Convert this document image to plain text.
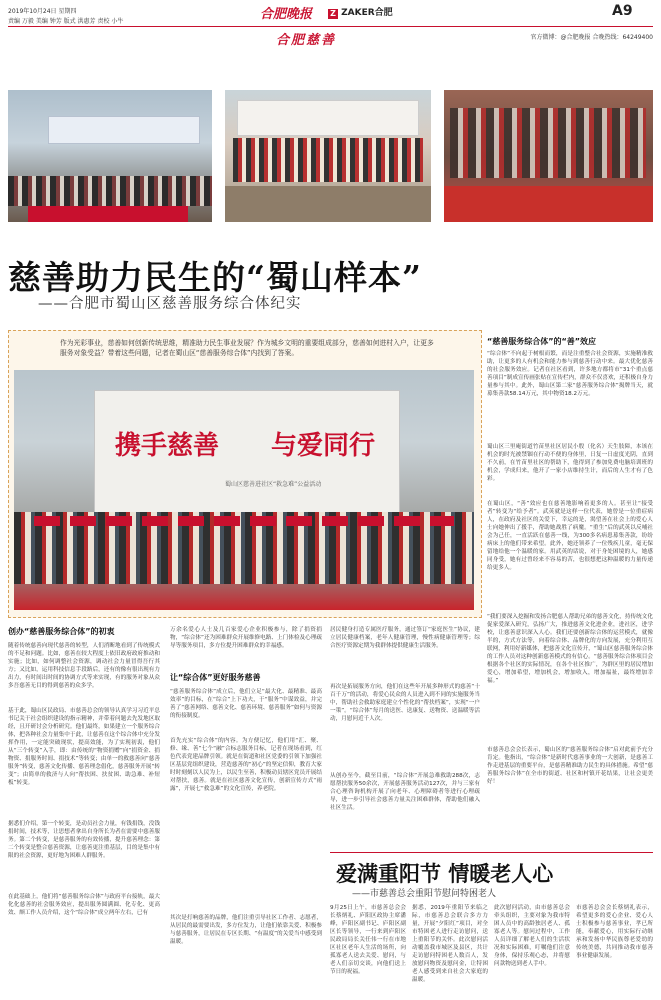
2019年10月24日 星期四
责编 万毅 美编 钟芳 版式 洪惠芳 责校 小牛	合肥晚报 Z ZAKER合肥	A9
合肥慈善	官方微博：@合肥晚报 合晚热线：64249400
慈善助力民生的“蜀山样本”
——合肥市蜀山区慈善服务综合体纪实
作为光彩事业，慈善如何创新传统思维，精准助力民生事业发展？作为城乡文明的重要组成部分，慈善如何进村入户，让更多服务对象受益？带着这些问题，记者在蜀山区“慈善服务综合体”内找到了答案。
携手慈善 与爱同行
蜀山区慈善进社区“救急难”公益活动
“慈善服务综合体”的“善”效应
“综合体”不向起于树根而繁，而是注重整合社会资源，实施精准救助，让更多的人有机会和能力参与到慈善行动中来。最大优化慈善的社会服务效应。记者在社区看到，许多地方都将市“31个重点慈善项目”制成宣传画张贴在宣传栏内，群众不仅喜欢，还积极自身力量参与其中。此外，蜀山区第二家“慈善服务综合体”揭牌当天，就募集善款58.14万元，其中物资18.2万元。
蜀山区三里庵街道竹苗里社区居民小殷（化名）天生肢障，本该在机会的时光被禁锢在行动不便的身体里，日复一日虚度光阴，直到不久前，在竹苗里社区的帮助下，他得到了参加免费电脑培训班的机会，学成归来，他开了一家小店维持生计，而后的人生才有了色彩。
在蜀山区，“善”效应也在慈善地影响着更多的人。甚至让“接受者”转变为“给予者”。武英就是这样一位代表，她曾是一位重症病人，在政府及社区的关爱下，幸运的是，渴望善在社会上的爱心人士向她伸出了援手，帮助她战胜了病魔。“重生”后的武英以反哺社会为己任，一直活跃在慈善一线，为300多名病患募集善款，纷纷病床上的他们带来希望。此外，她还领养了一位残疾儿童，毫无保留地给他一个温暖的家。用武英的话说，对于身处困境的人，她感同身受，她有过曾经来不容易的苦，也很想把这种温暖的力量传递给更多人。
“我们要深入挖掘和发扬合肥慈人帮助兄弟的慈善文化，持传统文化促家爱深入研究，弘扬广大，推进慈善文化进企业，进社区，进学校，让慈善意识深入人心。我们还要创新综合体的运营模式，就像半的，方式方法等，向着综合体、品牌化的方向发展，充分利用互联网，利用好新媒体，把慈善文化宣传开，“蜀山区慈善服务综合体的工作人员对这种创新慈善模式的有信心。“慈善服务综合体项目会根据各个社区的实际情况，在各个社区推广，为群区里的居民增加爱心，增加希望，增加机会，增加收入，增加福祉，最终增加幸福。”
市慈善总会会长表示，蜀山区的“慈善服务综合体”启对此前予充分肯定。他指出，“综合体”是新时代慈善事业的一大创新，是慈善工作走进基层的重要平台，是慈善精准助力民生的具体措施。希望“慈善服务综合体”在全市的街道、社区和村镇开花结果，让社会更美好！
创办“慈善服务综合体”的初衷
随着传统慈善向现代慈善的转型，人们消断地看到了传统模式的不足和问题。比如，慈善在较大程度上依旧政府政府推动和实施；比如，如何调整社会资源，调动社会力量冒得吾行其方；又比如，运用科技信息手段路后，还有的像有很出现有力出力，有时间出时间的协调方式等来实现，有的服务对象从众多吾慈善无目的得到慈善的众多学。
基于此，蜀山区民政局、市慈善总会的领导认真学习习近平总书记关于社会组织建设的指示精神，并带着问题去先发地区取经，且开研讨会分析研究。他们最终，如果建立一个服务综合体，把各种社会力量集中于此，让慈善在这个综合体中充分发挥作用，一定能突破现状，提高效能，为了实现初衷，他们从“三个转变”入手，即：由传统的“物资捐赠”向“捐资金、捐物资、捐服务时间、捐技术”等转变；由单一的救慈善向“慈善服务”转变，慈善文化传播、慈善理念倡化，慈善服务开展“转变”；由简单的救济与人向“帮扶困、扶贫困、助急难、补短板”转变。
据悉们介绍，第一个转变，是动员社会力量，有钱捐钱，没钱捐时间，技术等，让思想者拿出自身所长为者在需要中慈善服务。第二个转变，是慈善服务的有效传播，提升慈善理念：第二个转变是整合慈善资源，让慈善更注重基层，目的是集中有限的社会资源，更好地为困难人群服务。
在此基础上，他们将“慈善服务综合体”与政府平台接轨，最大化化慈善的社会服务效应，提出服务圆满圆、化专化、更高效、颇工作人员介绍，这个“综合体”成立两年左右，已有
万余名爱心人士及几百家爱心企业积极参与，除了捐资捐物，“综合体”还为困难群众开展维修电路、上门体检及心理疏导等服务项目，多方位提升困难群众的幸福感。
让“综合体”更好服务慈善
“慈善服务综合体”成立后，他们立足“最大化、最精准、最高效率”的目标，在“综合”上下功夫，于“服务”中谋效益，并完善了“慈善网络、慈善文化、慈善环境、慈善服务”如何与资源的衔接制度。
首先充实“综合体”的内容。为方便记忆，他们用“汇、聚、修、缘、善”七个“融”合标志服务目标，记者在现场看到，红色代表党建品牌引领。就是在街道和社区党委的引领下加强社区基层党组织建设，营造慈善的“初心”的坚定信仰，教育大家时时刻刻以人民为上，以民生至善，积极动员辖区党员开展结对帮扶，慈善。就是在社区慈善文化宣传，创新宣传方式“雨露”，开展七“救急难”的文化宣传，养老院。
其次是打响慈善的品牌，他们注重引导社区工作者、志愿者，从居民的最需要出发，多方位发力，让他们依靠关爱、积极参与慈善服务，让居民在专区长期、“有温度”的关爱当中感受到温暖。
居民健身打造专属医疗服务，通过签订“家庭医生”协议，建立居民健康档案，老年人健康管理，慢性病健康管理等；综合医疗资源定期为我群体提供健康生活服务。
再次是拓展服务方向，他们在这些年开展多种形式的慈善“十百千万”的活动，将爱心民众的人员进入到不同的实施服务当中，帮助社会救助家庭建立个性化的“帮扶档案”，实现“一户一策”。“综合体”每月的送医、送康复、送物资、送温暖等活动，月慰问近千人次。
从创办至今，截至目前，“综合体”开展急难救助288次，志愿帮扶服务50余次，开展慈善服务活动127次，并与三家有合心理咨询机构开展了向老年、心理障碍者等进行心理疏导，进一步引导社会慈善力量关注困难群体，帮助他们融入社区生活。
爱满重阳节 情暖老人心
——市慈善总会重阳节慰问特困老人
9月25日上午，市慈善总会会长蔡炳礼、庐阳区政协主席潘峰，庐阳区副书记、庐阳区副区长等领导，一行来到庐阳区民政局局长关任伟一行在市地区社区老年人生活的场所，向孤寡老人送去关爱、慰问，与老人们亲切交谈，向他们送上节日的祝福。
据悉，2019年重阳节来临之际，市慈善总会联合多方力量，开展“夕阳红”项目，对全市特困老人进行走访慰问，送上重阳节的关怀。此次慰问活动覆盖我市城区及县区，共计走访慰问特困老人数百人，发放慰问物资及慰问金，让特困老人感受到来自社会大家庭的温暖。
此次慰问活动，由市慈善总会牵头组织，主要对象为我市特困人员中的高龄独居老人、孤寡老人等。慰问过程中，工作人员详细了解老人们的生活状况和实际困难，叮嘱他们注意身体，保持乐观心态，并将慰问款物送到老人手中。
市慈善总会会长蔡炳礼表示，希望更多的爱心企业、爱心人士积极参与慈善事业，孝已所能，奉献爱心，用实际行动继承和发扬中华民族尊老爱幼的传统美德，共同推动我市慈善事业健康发展。
